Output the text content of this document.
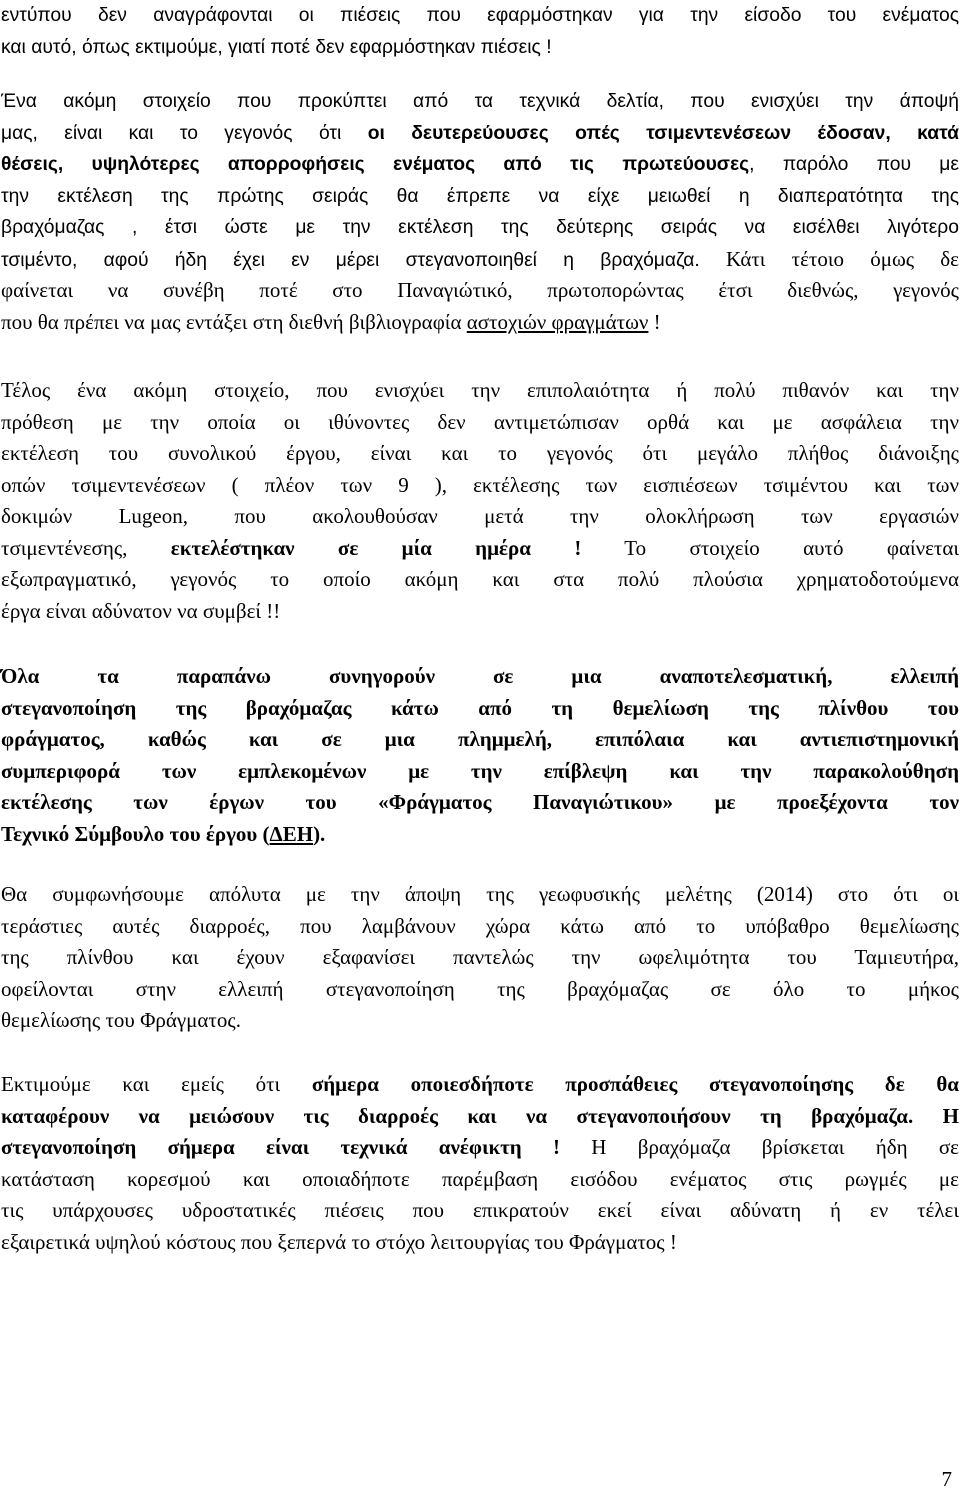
εντύπου δεν αναγράφονται οι πιέσεις που εφαρμόστηκαν για την είσοδο του ενέματος
και αυτό, όπως εκτιμούμε, γιατί ποτέ δεν εφαρμόστηκαν πιέσεις !
Ένα ακόμη στοιχείο που προκύπτει από τα τεχνικά δελτία, που ενισχύει την άποψή
μας, είναι και το γεγονός ότι οι δευτερεύουσες οπές τσιμεντενέσεων έδοσαν, κατά
θέσεις, υψηλότερες απορροφήσεις ενέματος από τις πρωτεύουσες, παρόλο που με
την εκτέλεση της πρώτης σειράς θα έπρεπε να είχε μειωθεί η διαπερατότητα της
βραχόμαζας , έτσι ώστε με την εκτέλεση της δεύτερης σειράς να εισέλθει λιγότερο
τσιμέντο, αφού ήδη έχει εν μέρει στεγανοποιηθεί η βραχόμαζα. Κάτι τέτοιο όμως δε
φαίνεται να συνέβη ποτέ στο Παναγιώτικό, πρωτοπορώντας έτσι διεθνώς, γεγονός
που θα πρέπει να μας εντάξει στη διεθνή βιβλιογραφία αστοχιών φραγμάτων !
Τέλος ένα ακόμη στοιχείο, που ενισχύει την επιπολαιότητα ή πολύ πιθανόν και την
πρόθεση με την οποία οι ιθύνοντες δεν αντιμετώπισαν ορθά και με ασφάλεια την
εκτέλεση του συνολικού έργου, είναι και το γεγονός ότι μεγάλο πλήθος διάνοιξης
οπών τσιμεντενέσεων ( πλέον των 9 ), εκτέλεσης των εισπιέσεων τσιμέντου και των
δοκιμών Lugeon, που ακολουθούσαν μετά την ολοκλήρωση των εργασιών
τσιμεντένεσης, εκτελέστηκαν σε μία ημέρα ! Το στοιχείο αυτό φαίνεται
εξωπραγματικό, γεγονός το οποίο ακόμη και στα πολύ πλούσια χρηματοδοτούμενα
έργα είναι αδύνατον να συμβεί !!
Όλα τα παραπάνω συνηγορούν σε μια αναποτελεσματική, ελλειπή
στεγανοποίηση της βραχόμαζας κάτω από τη θεμελίωση της πλίνθου του
φράγματος, καθώς και σε μια πλημμελή, επιπόλαια και αντιεπιστημονική
συμπεριφορά των εμπλεκομένων με την επίβλεψη και την παρακολούθηση
εκτέλεσης των έργων του «Φράγματος Παναγιώτικου» με προεξέχοντα τον
Τεχνικό Σύμβουλο του έργου (ΔΕΗ).
Θα συμφωνήσουμε απόλυτα με την άποψη της γεωφυσικής μελέτης (2014) στο ότι οι
τεράστιες αυτές διαρροές, που λαμβάνουν χώρα κάτω από το υπόβαθρο θεμελίωσης
της πλίνθου και έχουν εξαφανίσει παντελώς την ωφελιμότητα του Ταμιευτήρα,
οφείλονται στην ελλειπή στεγανοποίηση της βραχόμαζας σε όλο το μήκος
θεμελίωσης του Φράγματος.
Εκτιμούμε και εμείς ότι σήμερα οποιεσδήποτε προσπάθειες στεγανοποίησης δε θα
καταφέρουν να μειώσουν τις διαρροές και να στεγανοποιήσουν τη βραχόμαζα. Η
στεγανοποίηση σήμερα είναι τεχνικά ανέφικτη ! Η βραχόμαζα βρίσκεται ήδη σε
κατάσταση κορεσμού και οποιαδήποτε παρέμβαση εισόδου ενέματος στις ρωγμές με
τις υπάρχουσες υδροστατικές πιέσεις που επικρατούν εκεί είναι αδύνατη ή εν τέλει
εξαιρετικά υψηλού κόστους που ξεπερνά το στόχο λειτουργίας του Φράγματος !
7
